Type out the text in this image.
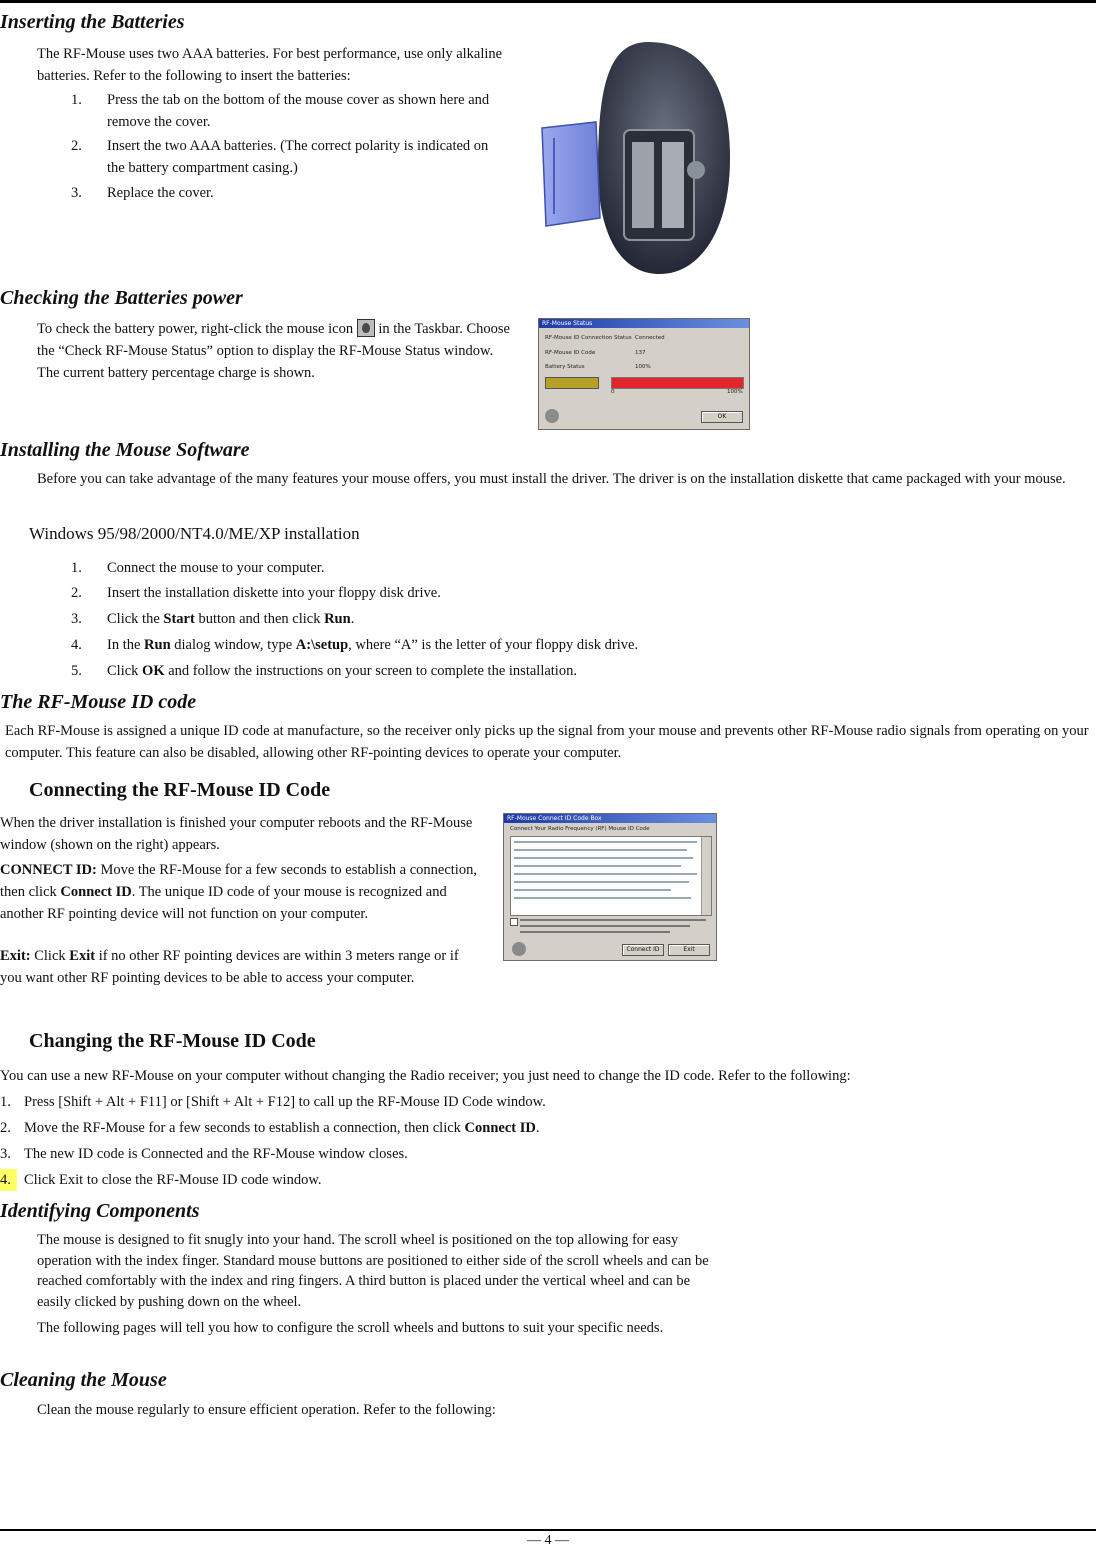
Inserting the Batteries

The RF-Mouse uses two AAA batteries. For best performance, use only alkaline batteries. Refer to the following to insert the batteries:

1. Press the tab on the bottom of the mouse cover as shown here and remove the cover.
2. Insert the two AAA batteries. (The correct polarity is indicated on the battery compartment casing.)
3. Replace the cover.
Checking the Batteries power

To check the battery power, right-click the mouse icon in the Taskbar. Choose the “Check RF-Mouse Status” option to display the RF-Mouse Status window. The current battery percentage charge is shown.

RF-Mouse Status
RF-Mouse ID Connection Status Connected
RF-Mouse ID Code	137
Battery Status	100%
0	100%
OK
Installing the Mouse Software

Before you can take advantage of the many features your mouse offers, you must install the driver. The driver is on the installation diskette that came packaged with your mouse.

Windows 95/98/2000/NT4.0/ME/XP installation
1. Connect the mouse to your computer.
2. Insert the installation diskette into your floppy disk drive.
3. Click the Start button and then click Run.
4. In the Run dialog window, type A:\setup, where “A” is the letter of your floppy disk drive.
5. Click OK and follow the instructions on your screen to complete the installation.
The RF-Mouse ID code

Each RF-Mouse is assigned a unique ID code at manufacture, so the receiver only picks up the signal from your mouse and prevents other RF-Mouse radio signals from operating on your computer. This feature can also be disabled, allowing other RF-pointing devices to operate your computer.

Connecting the RF-Mouse ID Code

When the driver installation is finished your computer reboots and the RF-Mouse window (shown on the right) appears.

CONNECT ID: Move the RF-Mouse for a few seconds to establish a connection, then click Connect ID. The unique ID code of your mouse is recognized and another RF pointing device will not function on your computer.

Exit: Click Exit if no other RF pointing devices are within 3 meters range or if you want other RF pointing devices to be able to access your computer.

RF-Mouse Connect ID Code Box
Connect Your Radio Frequency (RF) Mouse ID Code
Connect ID	Exit
Changing the RF-Mouse ID Code

You can use a new RF-Mouse on your computer without changing the Radio receiver; you just need to change the ID code. Refer to the following:

1. Press [Shift + Alt + F11] or [Shift + Alt + F12] to call up the RF-Mouse ID Code window.
2. Move the RF-Mouse for a few seconds to establish a connection, then click Connect ID.
3. The new ID code is Connected and the RF-Mouse window closes.
4. Click Exit to close the RF-Mouse ID code window.
Identifying Components

The mouse is designed to fit snugly into your hand. The scroll wheel is positioned on the top allowing for easy operation with the index finger. Standard mouse buttons are positioned to either side of the scroll wheels and can be reached comfortably with the index and ring fingers. A third button is placed under the vertical wheel and can be easily clicked by pushing down on the wheel.

The following pages will tell you how to configure the scroll wheels and buttons to suit your specific needs.

Cleaning the Mouse

Clean the mouse regularly to ensure efficient operation. Refer to the following:

— 4 —
